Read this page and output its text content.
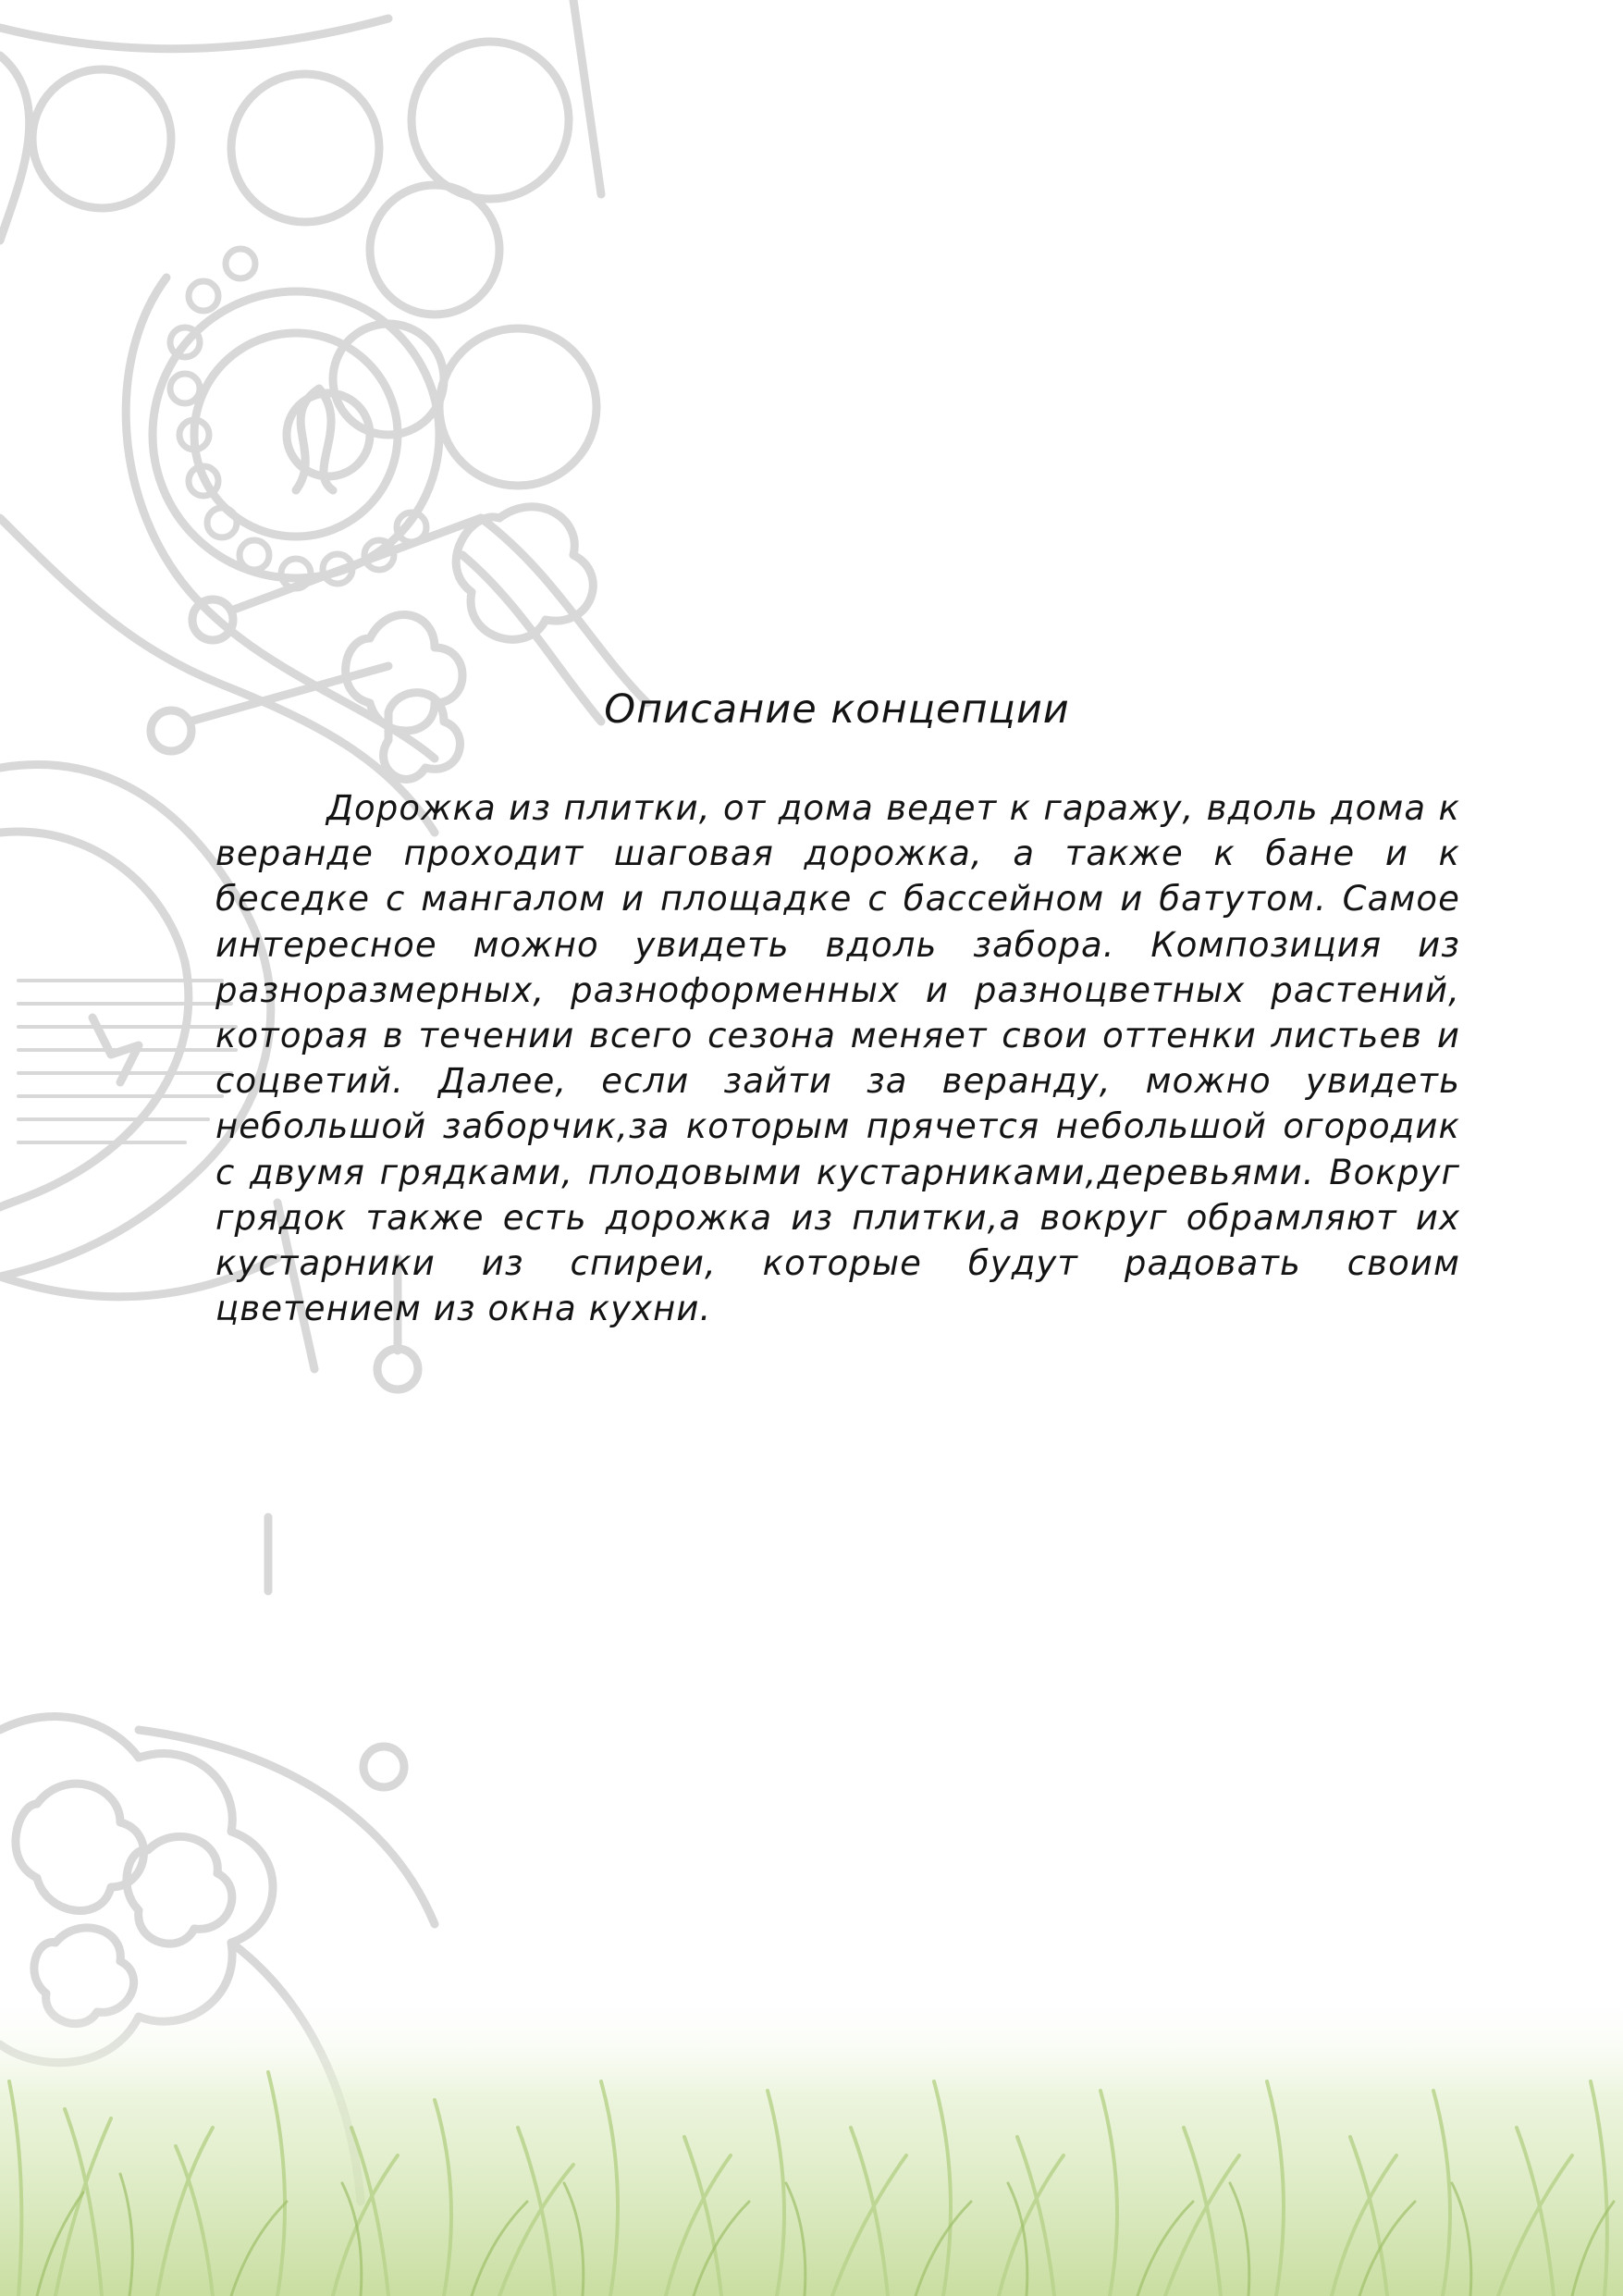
Описание концепции

Дорожка из плитки, от дома ведет к гаражу, вдоль дома к веранде проходит шаговая дорожка, а также к бане и к беседке с мангалом и площадке с бассейном и батутом. Самое интересное можно увидеть вдоль забора. Композиция из разноразмерных, разноформенных и разноцветных растений, которая в течении всего сезона меняет свои оттенки листьев и соцветий. Далее, если зайти за веранду, можно увидеть небольшой заборчик,за которым прячется небольшой огородик с двумя грядками, плодовыми кустарниками,деревьями. Вокруг грядок также есть дорожка из плитки,а вокруг обрамляют их кустарники из спиреи, которые будут радовать своим цветением из окна кухни.
